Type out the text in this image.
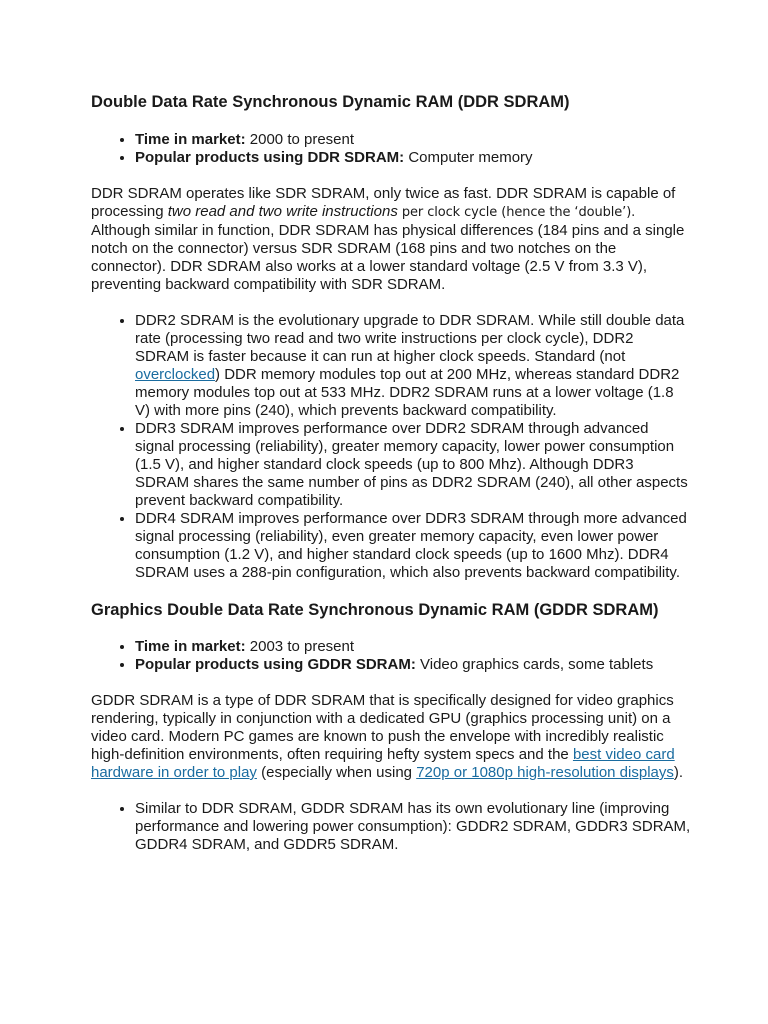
Double Data Rate Synchronous Dynamic RAM (DDR SDRAM)
• Time in market: 2000 to present
• Popular products using DDR SDRAM: Computer memory

DDR SDRAM operates like SDR SDRAM, only twice as fast. DDR SDRAM is capable of processing two read and two write instructions per clock cycle (hence the ‘double’). Although similar in function, DDR SDRAM has physical differences (184 pins and a single notch on the connector) versus SDR SDRAM (168 pins and two notches on the connector). DDR SDRAM also works at a lower standard voltage (2.5 V from 3.3 V), preventing backward compatibility with SDR SDRAM.

• DDR2 SDRAM is the evolutionary upgrade to DDR SDRAM. While still double data rate (processing two read and two write instructions per clock cycle), DDR2 SDRAM is faster because it can run at higher clock speeds. Standard (not overclocked) DDR memory modules top out at 200 MHz, whereas standard DDR2 memory modules top out at 533 MHz. DDR2 SDRAM runs at a lower voltage (1.8 V) with more pins (240), which prevents backward compatibility.
• DDR3 SDRAM improves performance over DDR2 SDRAM through advanced signal processing (reliability), greater memory capacity, lower power consumption (1.5 V), and higher standard clock speeds (up to 800 Mhz). Although DDR3 SDRAM shares the same number of pins as DDR2 SDRAM (240), all other aspects prevent backward compatibility.
• DDR4 SDRAM improves performance over DDR3 SDRAM through more advanced signal processing (reliability), even greater memory capacity, even lower power consumption (1.2 V), and higher standard clock speeds (up to 1600 Mhz). DDR4 SDRAM uses a 288-pin configuration, which also prevents backward compatibility.
Graphics Double Data Rate Synchronous Dynamic RAM (GDDR SDRAM)
• Time in market: 2003 to present
• Popular products using GDDR SDRAM: Video graphics cards, some tablets

GDDR SDRAM is a type of DDR SDRAM that is specifically designed for video graphics rendering, typically in conjunction with a dedicated GPU (graphics processing unit) on a video card. Modern PC games are known to push the envelope with incredibly realistic high-definition environments, often requiring hefty system specs and the best video card hardware in order to play (especially when using 720p or 1080p high-resolution displays).

• Similar to DDR SDRAM, GDDR SDRAM has its own evolutionary line (improving performance and lowering power consumption): GDDR2 SDRAM, GDDR3 SDRAM, GDDR4 SDRAM, and GDDR5 SDRAM.
